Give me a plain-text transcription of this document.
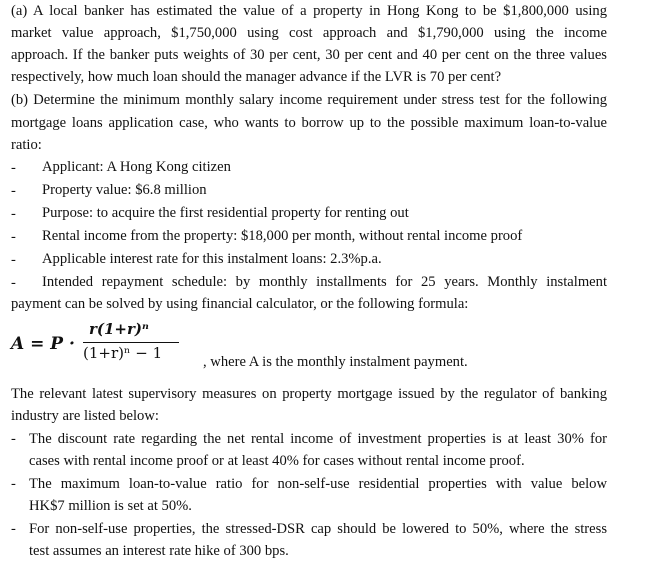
(a) A local banker has estimated the value of a property in Hong Kong to be $1,800,000 using
market value approach, $1,750,000 using cost approach and $1,790,000 using the income
approach. If the banker puts weights of 30 per cent, 30 per cent and 40 per cent on the three values
respectively, how much loan should the manager advance if the LVR is 70 per cent?
(b) Determine the minimum monthly salary income requirement under stress test for the following
mortgage loans application case, who wants to borrow up to the possible maximum loan-to-value
ratio:
- Applicant: A Hong Kong citizen
- Property value: $6.8 million
- Purpose: to acquire the first residential property for renting out
- Rental income from the property: $18,000 per month, without rental income proof
- Applicable interest rate for this instalment loans: 2.3%p.a.
- Intended repayment schedule: by monthly installments for 25 years. Monthly instalment
payment can be solved by using financial calculator, or the following formula:
A = P ·
r(1+r)ⁿ
(1+r)ⁿ − 1	, where A is the monthly instalment payment.
The relevant latest supervisory measures on property mortgage issued by the regulator of banking
industry are listed below:
- The discount rate regarding the net rental income of investment properties is at least 30% for
cases with rental income proof or at least 40% for cases without rental income proof.
- The maximum loan-to-value ratio for non-self-use residential properties with value below
HK$7 million is set at 50%.
- For non-self-use properties, the stressed-DSR cap should be lowered to 50%, where the stress
test assumes an interest rate hike of 300 bps.
